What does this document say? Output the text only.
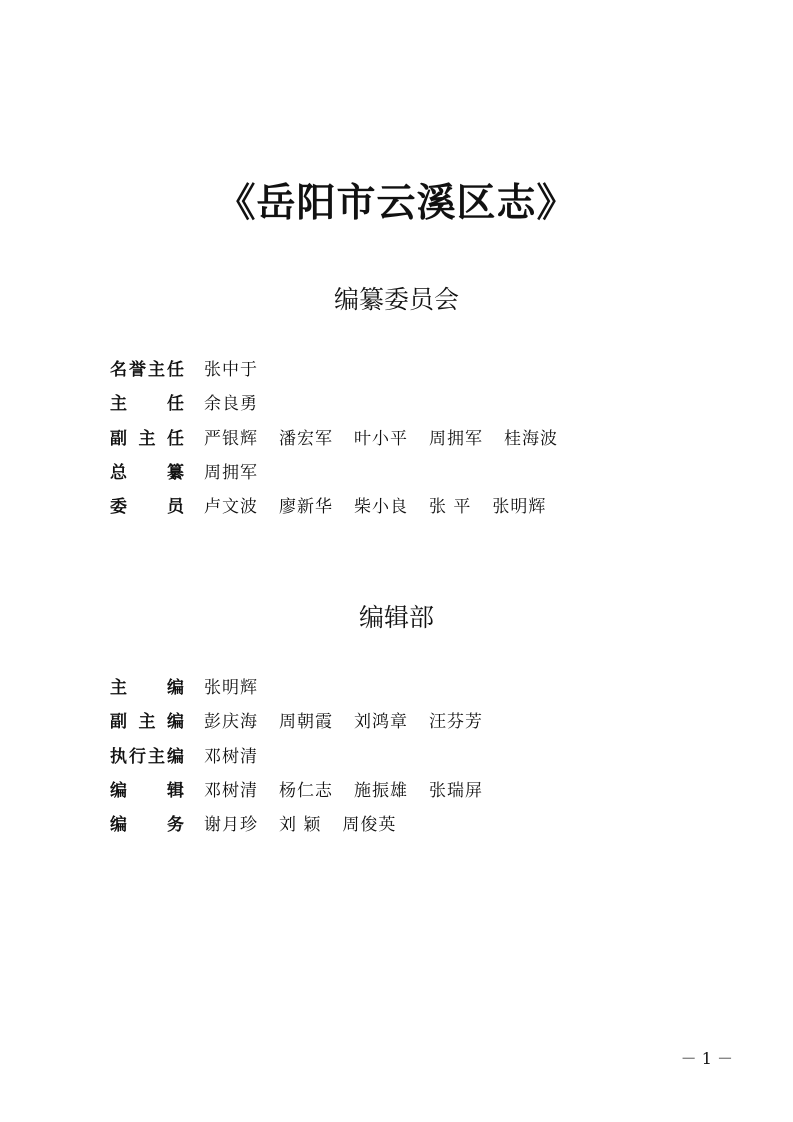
《岳阳市云溪区志》
编纂委员会
名 誉 主 任 张中于
主 任 余良勇
副 主 任 严银辉 潘宏军 叶小平 周拥军 桂海波
总 纂 周拥军
委 员 卢文波 廖新华 柴小良 张 平 张明辉
编辑部
主 编 张明辉
副 主 编 彭庆海 周朝霞 刘鸿章 汪芬芳
执 行 主 编 邓树清
编 辑 邓树清 杨仁志 施振雄 张瑞屏
编 务 谢月珍 刘 颖 周俊英
－ 1 －
